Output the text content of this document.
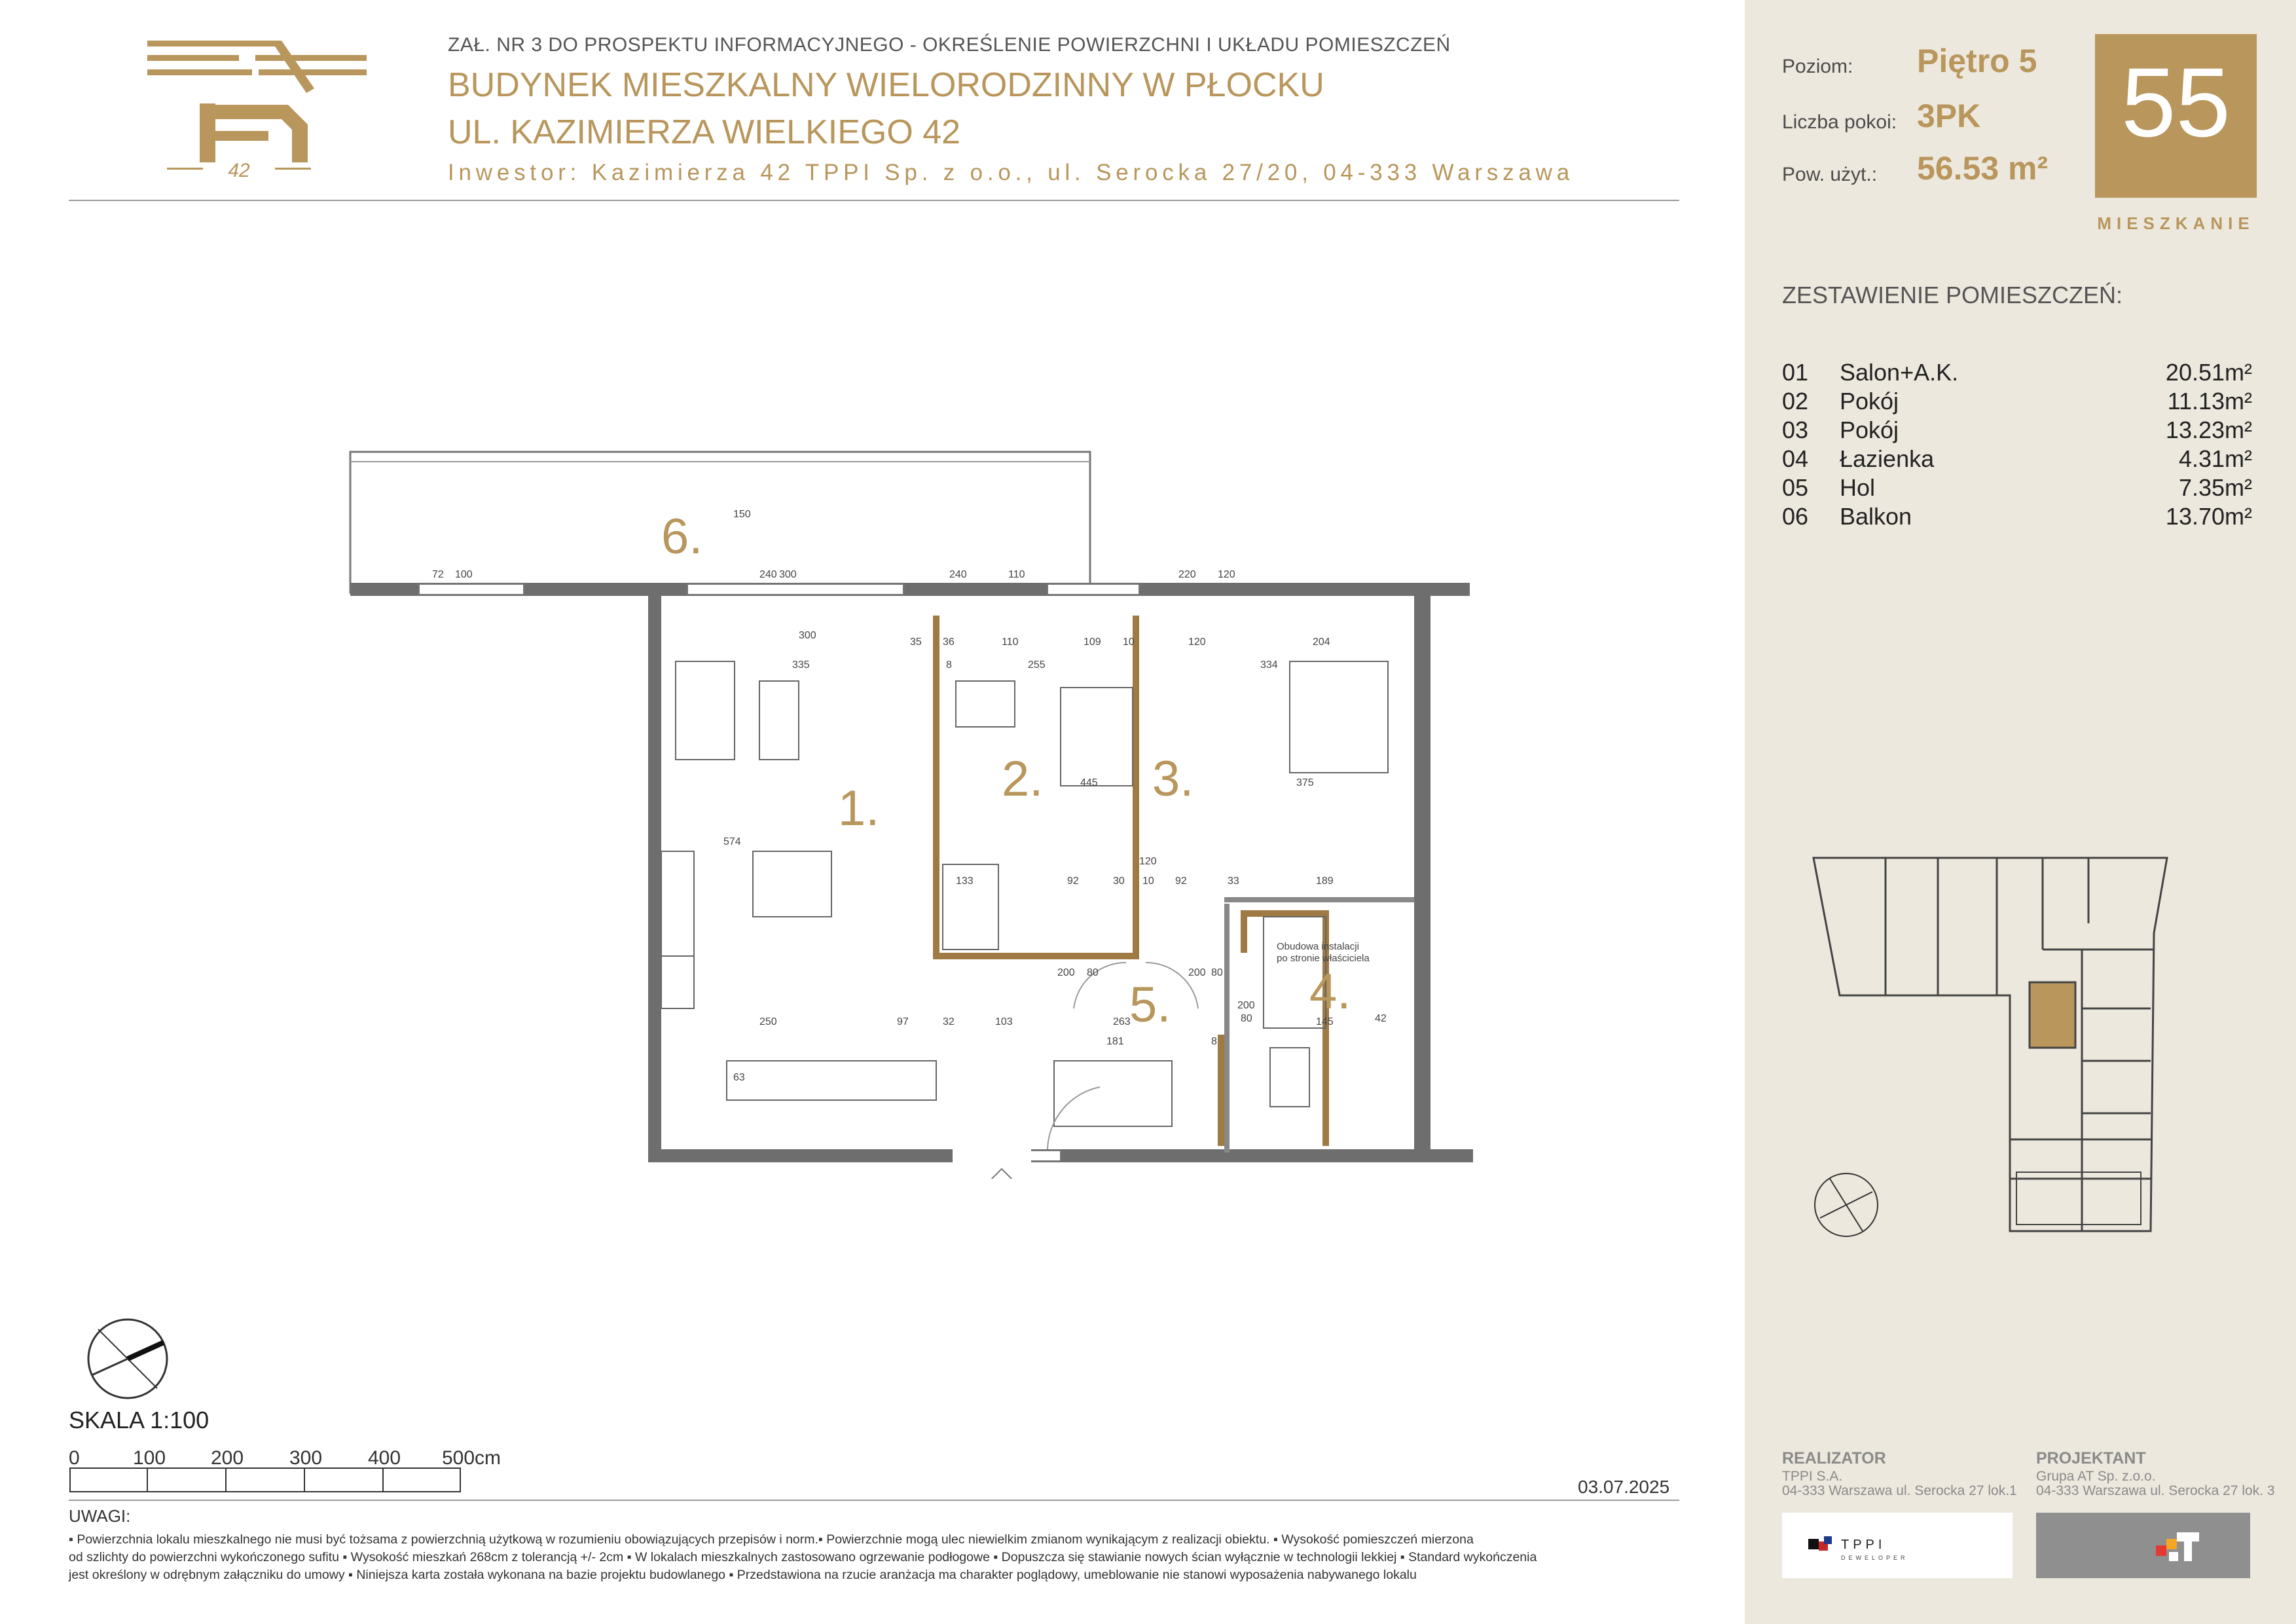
42
ZAŁ. NR 3 DO PROSPEKTU INFORMACYJNEGO - OKREŚLENIE POWIERZCHNI I UKŁADU POMIESZCZEŃ
BUDYNEK MIESZKALNY WIELORODZINNY W PŁOCKU
UL. KAZIMIERZA WIELKIEGO 42
Inwestor: Kazimierza 42 TPPI Sp. z o.o., ul. Serocka 27/20, 04-333 Warszawa
1.
2. 3.
4.
5.
6.
300
240	240	110	220 120
150
72 100	300
335
35 36	110	109 10	120	204
255	334
8
445	375
574
133	92	30 10 92	33	189
200 80	200 80
200
80
250	97	32	103	263
181
145
63
42
120
8
Obudowa instalacji
po stronie właściciela
SKALA 1:100
0	100 200 300 400 500cm
03.07.2025
UWAGI:
▪ Powierzchnia lokalu mieszkalnego nie musi być tożsama z powierzchnią użytkową w rozumieniu obowiązujących przepisów i norm.▪ Powierzchnie mogą ulec niewielkim zmianom wynikającym z realizacji obiektu. ▪ Wysokość pomieszczeń mierzona
od szlichty do powierzchni wykończonego sufitu ▪ Wysokość mieszkań 268cm z tolerancją +/- 2cm ▪ W lokalach mieszkalnych zastosowano ogrzewanie podłogowe ▪ Dopuszcza się stawianie nowych ścian wyłącznie w technologii lekkiej ▪ Standard wykończenia
jest określony w odrębnym załączniku do umowy ▪ Niniejsza karta została wykonana na bazie projektu budowlanego ▪ Przedstawiona na rzucie aranżacja ma charakter poglądowy, umeblowanie nie stanowi wyposażenia nabywanego lokalu
Poziom: Piętro 5
Liczba pokoi: 3PK
Pow. użyt.: 56.53 m²
55
MIESZKANIE
ZESTAWIENIE POMIESZCZEŃ:
01 Salon+A.K.	20.51m²
02 Pokój	11.13m²
03 Pokój	13.23m²
04 Łazienka	4.31m²
05 Hol	7.35m²
06 Balkon	13.70m²
REALIZATOR
TPPI S.A.
04-333 Warszawa ul. Serocka 27 lok.1
PROJEKTANT
Grupa AT Sp. z.o.o.
04-333 Warszawa ul. Serocka 27 lok. 3
TPPI
DEWELOPER
